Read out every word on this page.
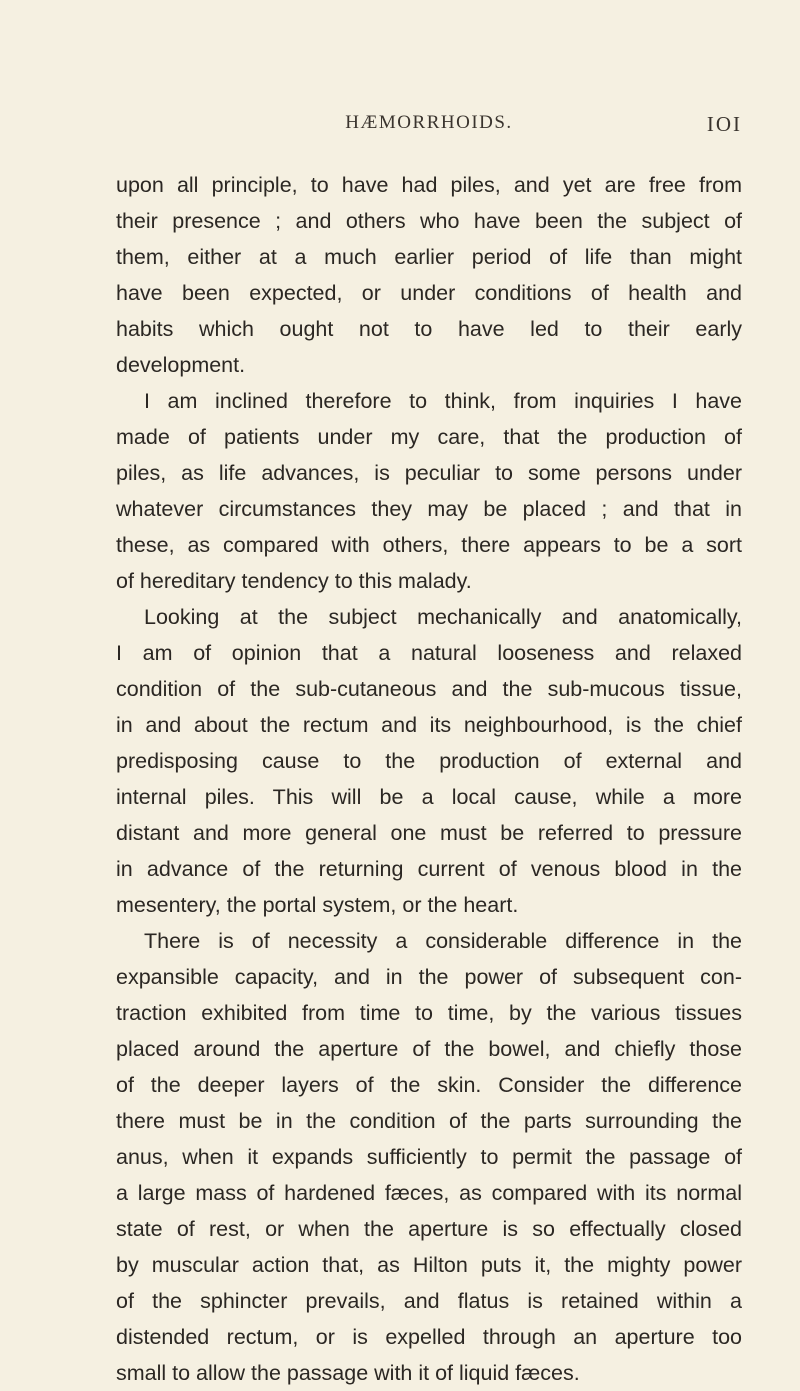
HÆMORRHOIDS.	IOI
upon all principle, to have had piles, and yet are free from
their presence ; and others who have been the subject of
them, either at a much earlier period of life than might
have been expected, or under conditions of health and
habits which ought not to have led to their early
development.
I am inclined therefore to think, from inquiries I have
made of patients under my care, that the production of
piles, as life advances, is peculiar to some persons under
whatever circumstances they may be placed ; and that in
these, as compared with others, there appears to be a sort
of hereditary tendency to this malady.
Looking at the subject mechanically and anatomically,
I am of opinion that a natural looseness and relaxed
condition of the sub-cutaneous and the sub-mucous tissue,
in and about the rectum and its neighbourhood, is the chief
predisposing cause to the production of external and
internal piles. This will be a local cause, while a more
distant and more general one must be referred to pressure
in advance of the returning current of venous blood in the
mesentery, the portal system, or the heart.
There is of necessity a considerable difference in the
expansible capacity, and in the power of subsequent con-
traction exhibited from time to time, by the various tissues
placed around the aperture of the bowel, and chiefly those
of the deeper layers of the skin. Consider the difference
there must be in the condition of the parts surrounding the
anus, when it expands sufficiently to permit the passage of
a large mass of hardened fæces, as compared with its normal
state of rest, or when the aperture is so effectually closed
by muscular action that, as Hilton puts it, the mighty power
of the sphincter prevails, and flatus is retained within a
distended rectum, or is expelled through an aperture too
small to allow the passage with it of liquid fæces.
